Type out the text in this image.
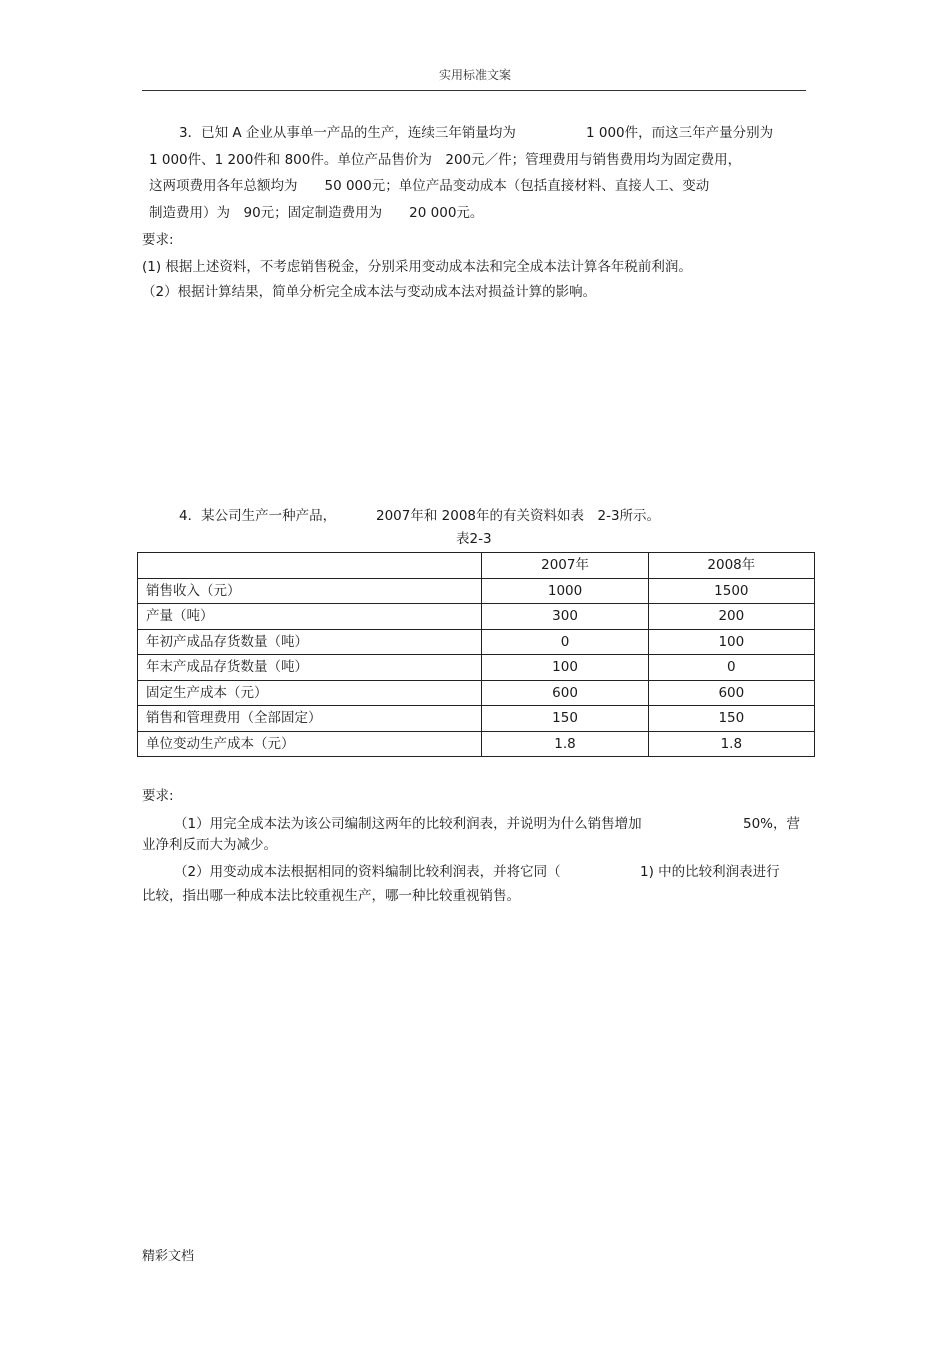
实用标准文案
3．已知 A 企业从事单一产品的生产，连续三年销量均为	1 000件，而这三年产量分别为
1 000件、1 200件和 800件。单位产品售价为　200元／件；管理费用与销售费用均为固定费用，
这两项费用各年总额均为　　50 000元；单位产品变动成本（包括直接材料、直接人工、变动
制造费用）为　90元；固定制造费用为　　20 000元。
要求:
(1) 根据上述资料，不考虑销售税金，分别采用变动成本法和完全成本法计算各年税前利润。
（2）根据计算结果，简单分析完全成本法与变动成本法对损益计算的影响。
4．某公司生产一种产品，	2007年和 2008年的有关资料如表　2-3所示。
表2-3
	2007年	2008年
销售收入（元）	1000	1500
产量（吨）	300	200
年初产成品存货数量（吨）	0	100
年末产成品存货数量（吨）	100	0
固定生产成本（元）	600	600
销售和管理费用（全部固定）	150	150
单位变动生产成本（元）	1.8	1.8
要求:
（1）用完全成本法为该公司编制这两年的比较利润表，并说明为什么销售增加	50%，营
业净利反而大为减少。
（2）用变动成本法根据相同的资料编制比较利润表，并将它同（	1) 中的比较利润表进行
比较，指出哪一种成本法比较重视生产，哪一种比较重视销售。
精彩文档
